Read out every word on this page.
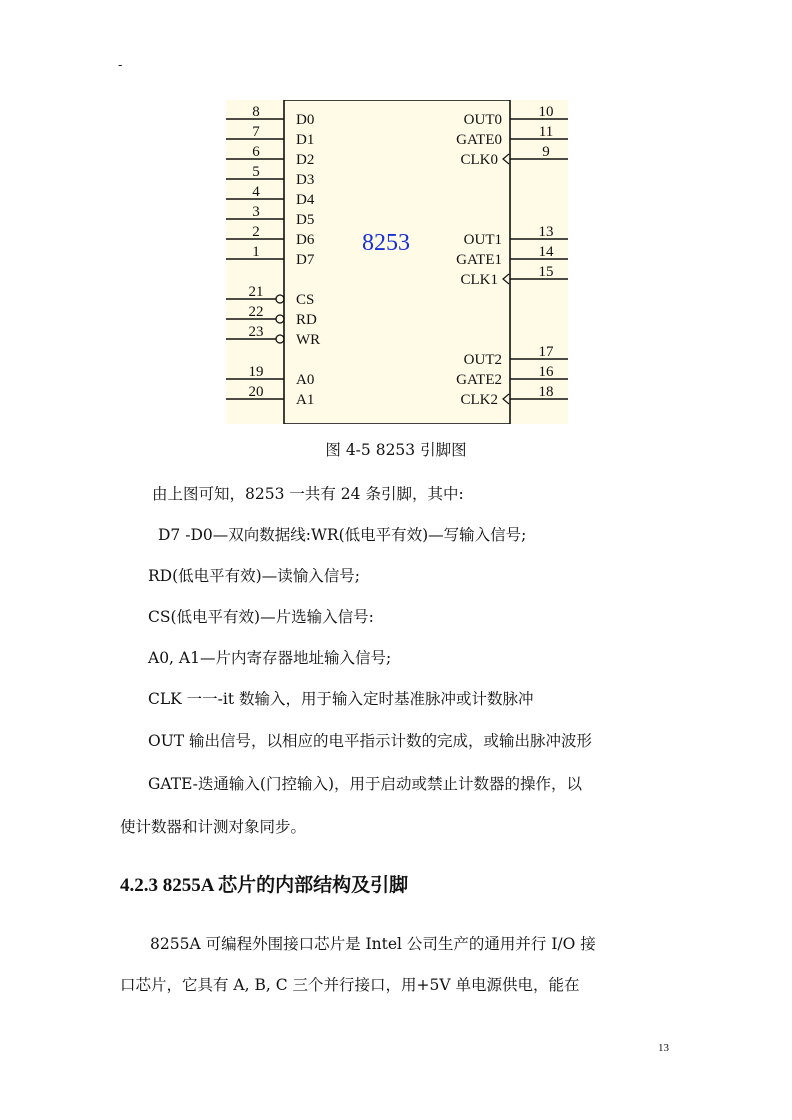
-
8253
8 D0
7 D1
6 D2
5 D3
4 D4
3 D5
2 D6
1 D7
21 CS
22 RD
23 WR
19 A0
20 A1
10
OUT0
11
GATE0
9
CLK0
13
OUT1
14
GATE1
15
CLK1
17
OUT2
16
GATE2
18
CLK2
图 4-5 8253 引脚图
由上图可知，8253 一共有 24 条引脚，其中:
D7 -D0—双向数据线:WR(低电平有效)—写输入信号;
RD(低电平有效)—读愉入信号;
CS(低电平有效)—片选输入信号:
A0, A1—片内寄存器地址输入信号;
CLK 一一-it 数输入，用于输入定时基准脉冲或计数脉冲
OUT 输出信号，以相应的电平指示计数的完成，或输出脉冲波形
GATE-迭通输入(门控输入)，用于启动或禁止计数器的操作，以
使计数器和计测对象同步。
4.2.3 8255A 芯片的内部结构及引脚
8255A 可编程外围接口芯片是 Intel 公司生产的通用并行 I/O 接
口芯片，它具有 A, B, C 三个并行接口，用+5V 单电源供电，能在
13
